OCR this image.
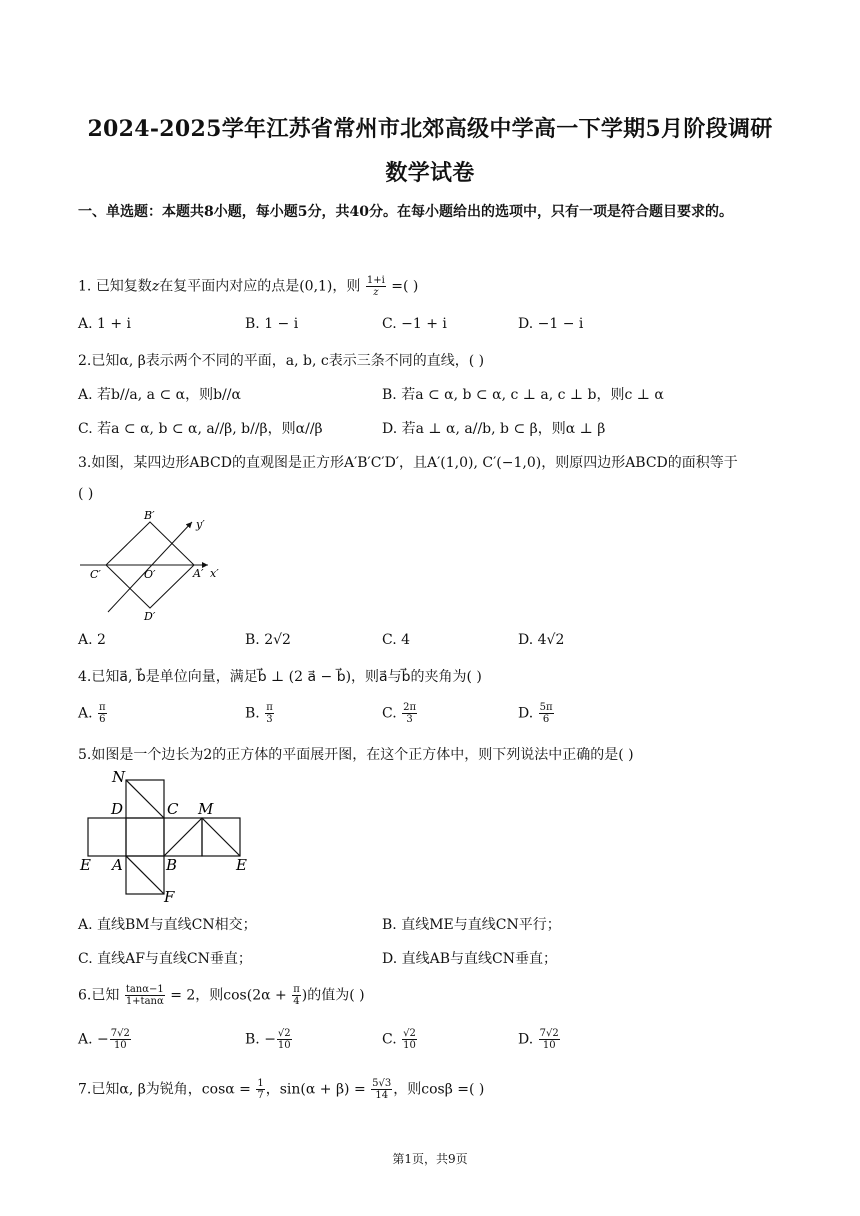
2024-2025学年江苏省常州市北郊高级中学高一下学期5月阶段调研
数学试卷
一、单选题：本题共8小题，每小题5分，共40分。在每小题给出的选项中，只有一项是符合题目要求的。
1. 已知复数z在复平面内对应的点是(0,1)，则 $\frac{1+i}{z}$ =( )
A. 1 + i	B. 1 − i	C. −1 + i	D. −1 − i
2.已知α, β表示两个不同的平面，a, b, c表示三条不同的直线，( )
A. 若b//a, a ⊂ α，则b//α	B. 若a ⊂ α, b ⊂ α, c ⊥ a, c ⊥ b，则c ⊥ α
C. 若a ⊂ α, b ⊂ α, a//β, b//β，则α//β	D. 若a ⊥ α, a//b, b ⊂ β，则α ⊥ β
3.如图，某四边形ABCD的直观图是正方形A′B′C′D′，且A′(1,0), C′(−1,0)，则原四边形ABCD的面积等于
( )
B′
y′
C′	O′	A′ x′
D′
A. 2	B. 2√2	C. 4	D. 4√2
4.已知a⃗, b⃗是单位向量，满足b⃗ ⊥ (2 a⃗ − b⃗)，则a⃗与b⃗的夹角为( )
A. $\frac{\pi}{6}$	B. $\frac{\pi}{3}$	C. $\frac{2\pi}{3}$	D. $\frac{5\pi}{6}$
5.如图是一个边长为2的正方体的平面展开图，在这个正方体中，则下列说法中正确的是( )
N
D	C M
E A	B	E
F
A. 直线BM与直线CN相交；	B. 直线ME与直线CN平行；
C. 直线AF与直线CN垂直；	D. 直线AB与直线CN垂直；
6.已知 $\frac{\tan\alpha-1}{1+\tan\alpha} = 2$，则$\cos(2\alpha + \frac{\pi}{4}$ )的值为( )
A. − $\frac{7√2}{10}$	B. − $\frac{√2}{10}$	C. $\frac{√2}{10}$	D. $\frac{7√2}{10}$
7.已知α, β为锐角，$\cos\alpha = \frac{1}{7}$ ，$\sin(\alpha + \beta) = \frac{5√3}{14}$ ，则cosβ =( )
第1页，共9页
